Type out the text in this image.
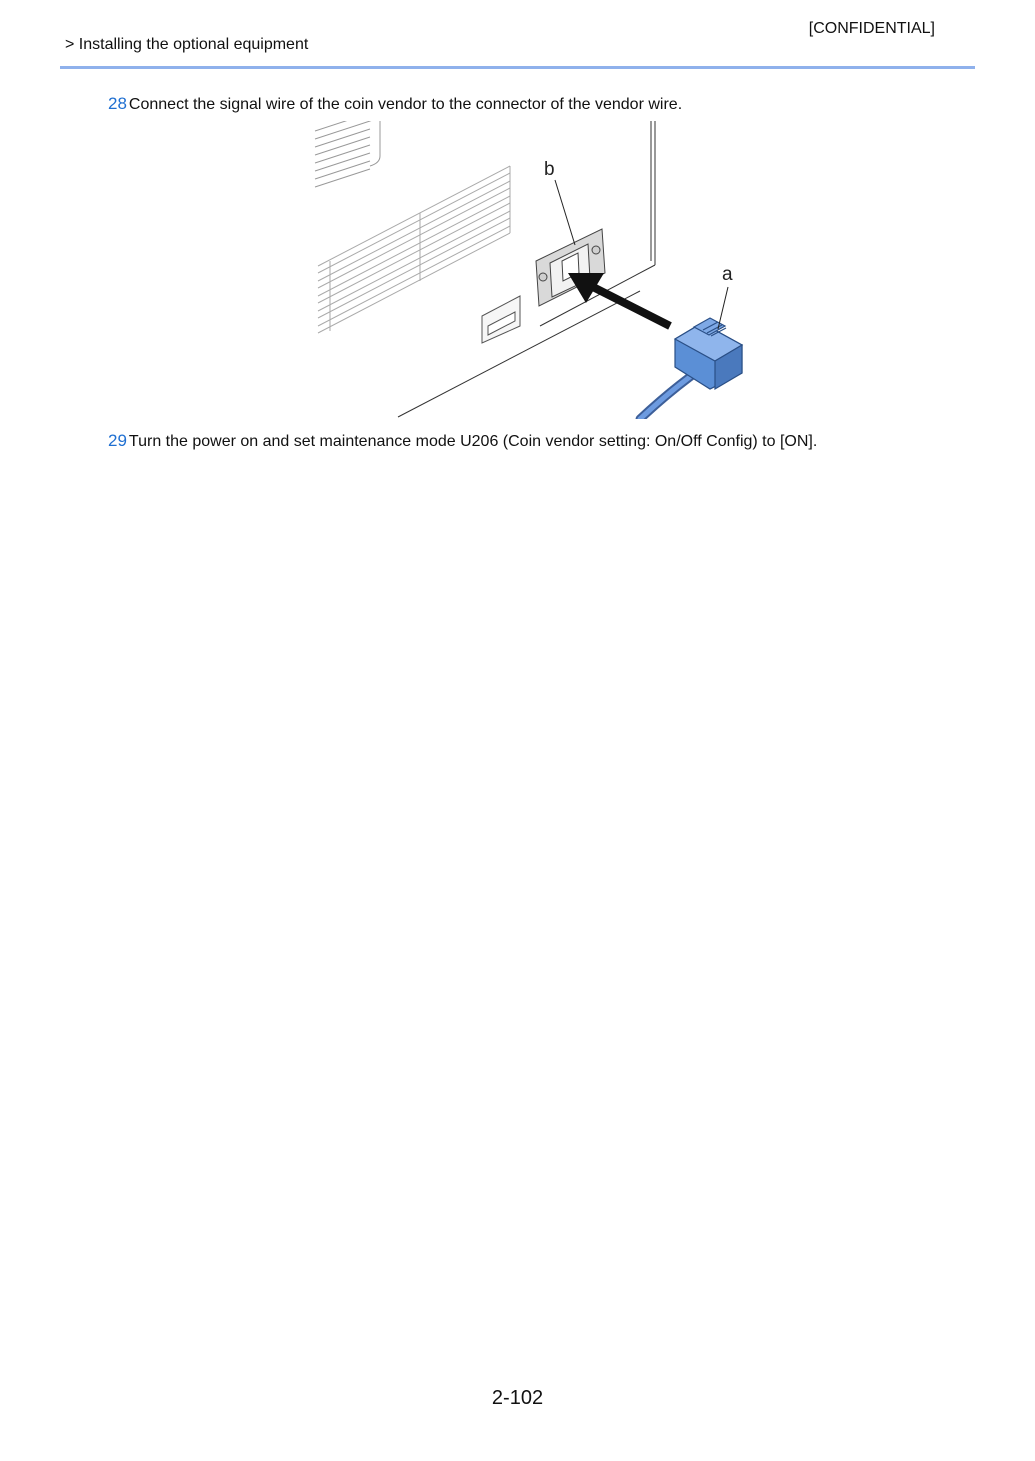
[CONFIDENTIAL]
> Installing the optional equipment
28 Connect the signal wire of the coin vendor to the connector of the vendor wire.
b
a
29 Turn the power on and set maintenance mode U206 (Coin vendor setting: On/Off Config) to [ON].
2-102
